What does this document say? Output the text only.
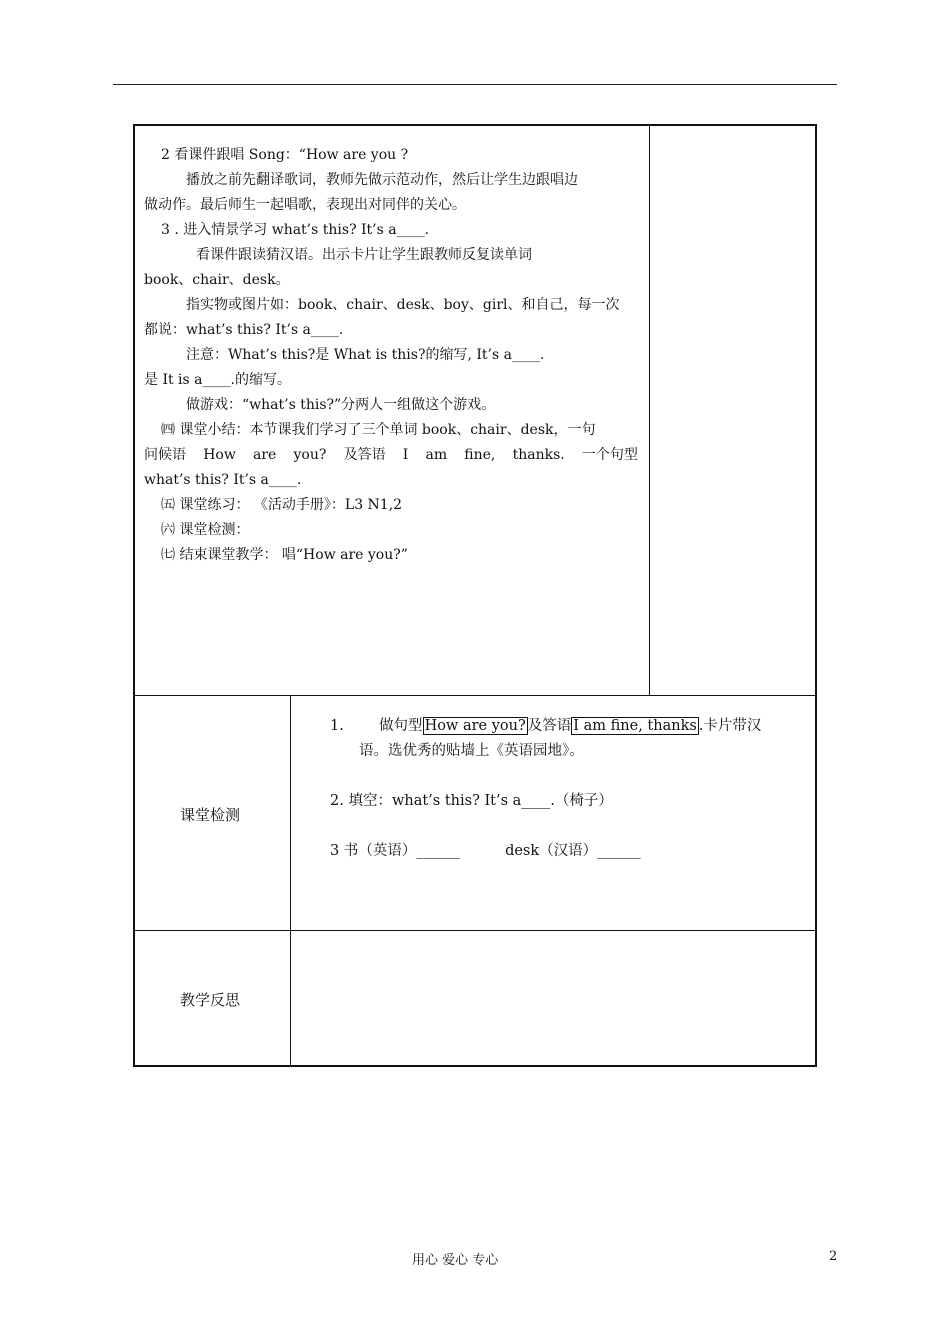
2 看课件跟唱 Song：“How are you ?
播放之前先翻译歌词，教师先做示范动作，然后让学生边跟唱边
做动作。最后师生一起唱歌，表现出对同伴的关心。
3 . 进入情景学习 what’s this? It’s a____.
看课件跟读猜汉语。出示卡片让学生跟教师反复读单词
book、chair、desk。
指实物或图片如：book、chair、desk、boy、girl、和自己，每一次
都说：what’s this? It’s a____.
注意：What’s this?是 What is this?的缩写, It’s a____.
是 It is a____.的缩写。
做游戏：“what’s this?”分两人一组做这个游戏。
㈣ 课堂小结：本节课我们学习了三个单词 book、chair、desk，一句
问候语 How are you? 及答语 I am fine, thanks. 一个句型
what’s this? It’s a____.
㈤ 课堂练习： 《活动手册》：L3 N1,2
㈥ 课堂检测：
㈦ 结束课堂教学： 唱“How are you?”
课堂检测
1. 做句型 How are you? 及答语 I am fine, thanks .卡片带汉
语。选优秀的贴墙上《英语园地》。
2. 填空：what’s this? It’s a____.（椅子）
3 书（英语）______	desk（汉语）______
教学反思
用心 爱心 专心	2
